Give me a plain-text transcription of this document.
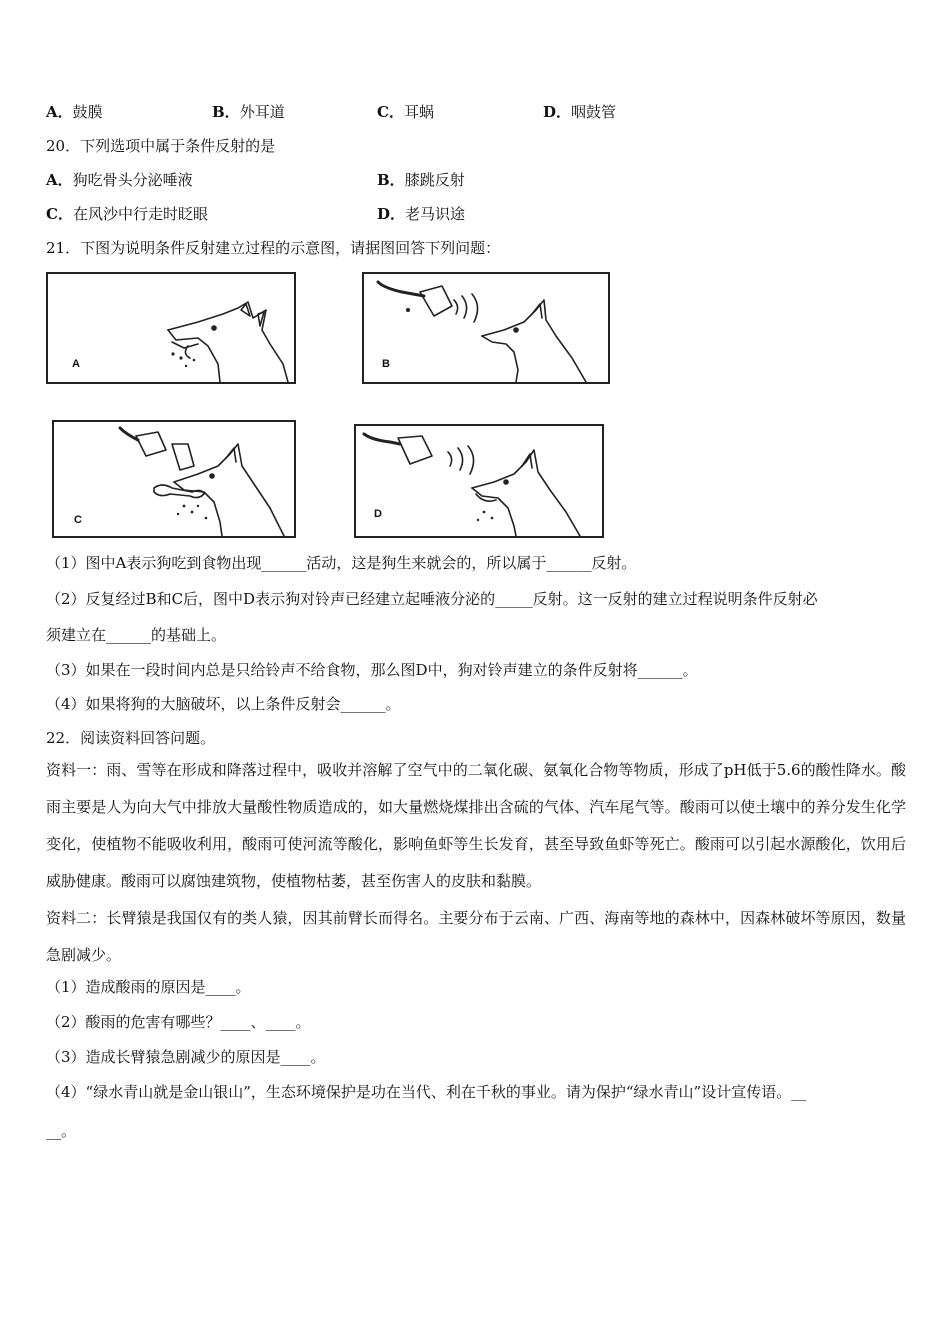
A．鼓膜	B．外耳道	C．耳蜗	D．咽鼓管
20．下列选项中属于条件反射的是
A．狗吃骨头分泌唾液	B．膝跳反射
C．在风沙中行走时眨眼	D．老马识途
21．下图为说明条件反射建立过程的示意图，请据图回答下列问题：
A	B
C	D
（1）图中A表示狗吃到食物出现______活动，这是狗生来就会的，所以属于______反射。
（2）反复经过B和C后，图中D表示狗对铃声已经建立起唾液分泌的_____反射。这一反射的建立过程说明条件反射必
须建立在______的基础上。
（3）如果在一段时间内总是只给铃声不给食物，那么图D中，狗对铃声建立的条件反射将______。
（4）如果将狗的大脑破坏，以上条件反射会______。
22．阅读资料回答问题。
资料一：雨、雪等在形成和降落过程中，吸收并溶解了空气中的二氧化碳、氨氧化合物等物质，形成了pH低于5.6的酸性降水。酸雨主要是人为向大气中排放大量酸性物质造成的，如大量燃烧煤排出含硫的气体、汽车尾气等。酸雨可以使土壤中的养分发生化学变化，使植物不能吸收利用，酸雨可使河流等酸化，影响鱼虾等生长发育，甚至导致鱼虾等死亡。酸雨可以引起水源酸化，饮用后威胁健康。酸雨可以腐蚀建筑物，使植物枯萎，甚至伤害人的皮肤和黏膜。
资料二：长臂猿是我国仅有的类人猿，因其前臂长而得名。主要分布于云南、广西、海南等地的森林中，因森林破坏等原因，数量急剧减少。
（1）造成酸雨的原因是____。
（2）酸雨的危害有哪些？____、____。
（3）造成长臂猿急剧减少的原因是____。
（4）“绿水青山就是金山银山”，生态环境保护是功在当代、利在千秋的事业。请为保护“绿水青山”设计宣传语。__
__。
